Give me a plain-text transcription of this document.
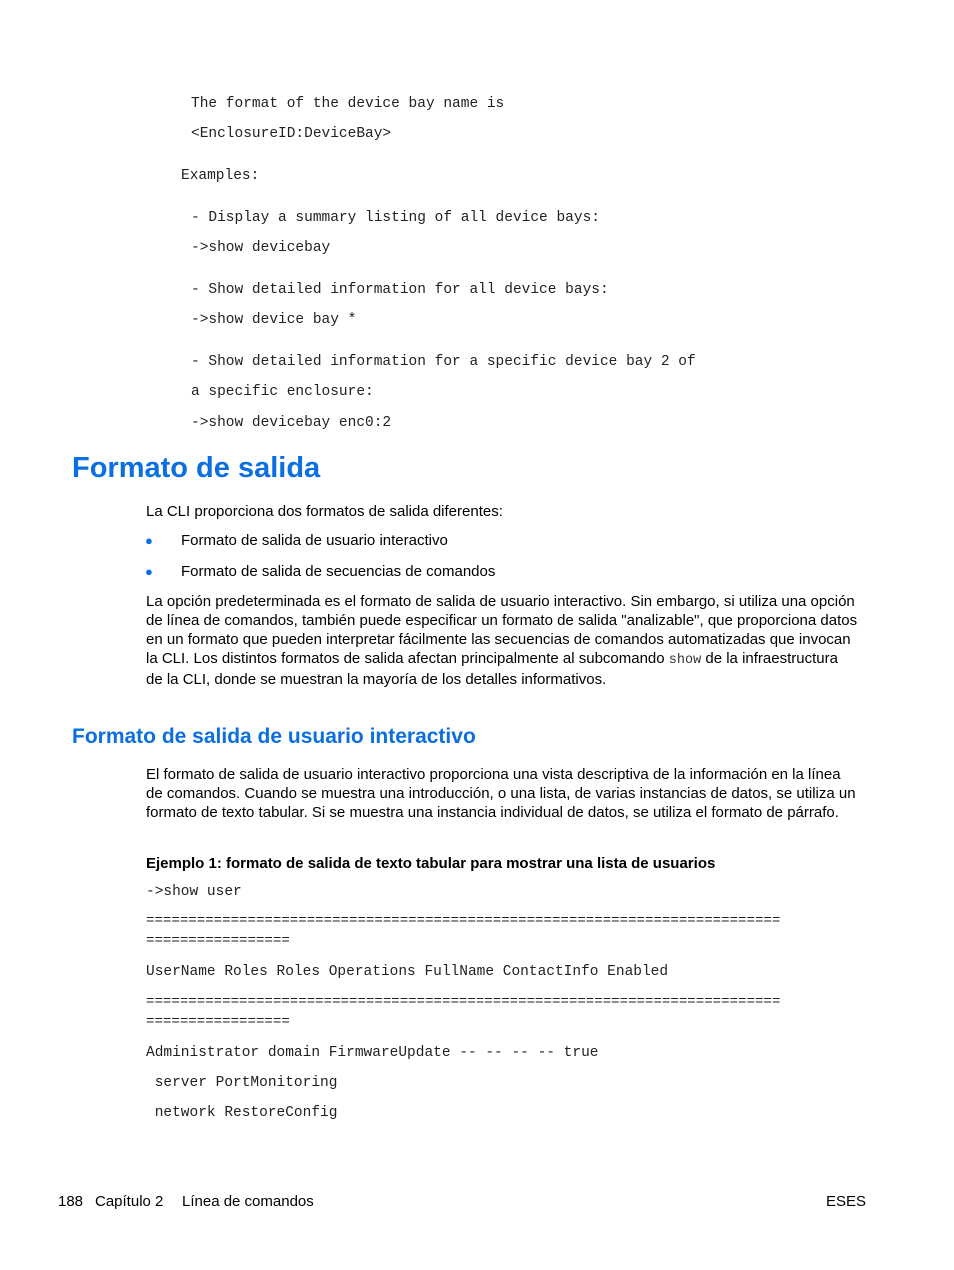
The format of the device bay name is
<EnclosureID:DeviceBay>
Examples:
- Display a summary listing of all device bays:
->show devicebay
- Show detailed information for all device bays:
->show device bay *
- Show detailed information for a specific device bay 2 of
a specific enclosure:
->show devicebay enc0:2
Formato de salida
La CLI proporciona dos formatos de salida diferentes:
● Formato de salida de usuario interactivo
● Formato de salida de secuencias de comandos
La opción predeterminada es el formato de salida de usuario interactivo. Sin embargo, si utiliza una opción de línea de comandos, también puede especificar un formato de salida "analizable", que proporciona datos en un formato que pueden interpretar fácilmente las secuencias de comandos automatizadas que invocan la CLI. Los distintos formatos de salida afectan principalmente al subcomando show de la infraestructura de la CLI, donde se muestran la mayoría de los detalles informativos.
Formato de salida de usuario interactivo
El formato de salida de usuario interactivo proporciona una vista descriptiva de la información en la línea de comandos. Cuando se muestra una introducción, o una lista, de varias instancias de datos, se utiliza un formato de texto tabular. Si se muestra una instancia individual de datos, se utiliza el formato de párrafo.
Ejemplo 1: formato de salida de texto tabular para mostrar una lista de usuarios
->show user
===========================================================================
=================
UserName Roles Roles Operations FullName ContactInfo Enabled
===========================================================================
=================
Administrator domain FirmwareUpdate -- -- -- -- true
server PortMonitoring
network RestoreConfig
188 Capítulo 2 Línea de comandos	ESES
